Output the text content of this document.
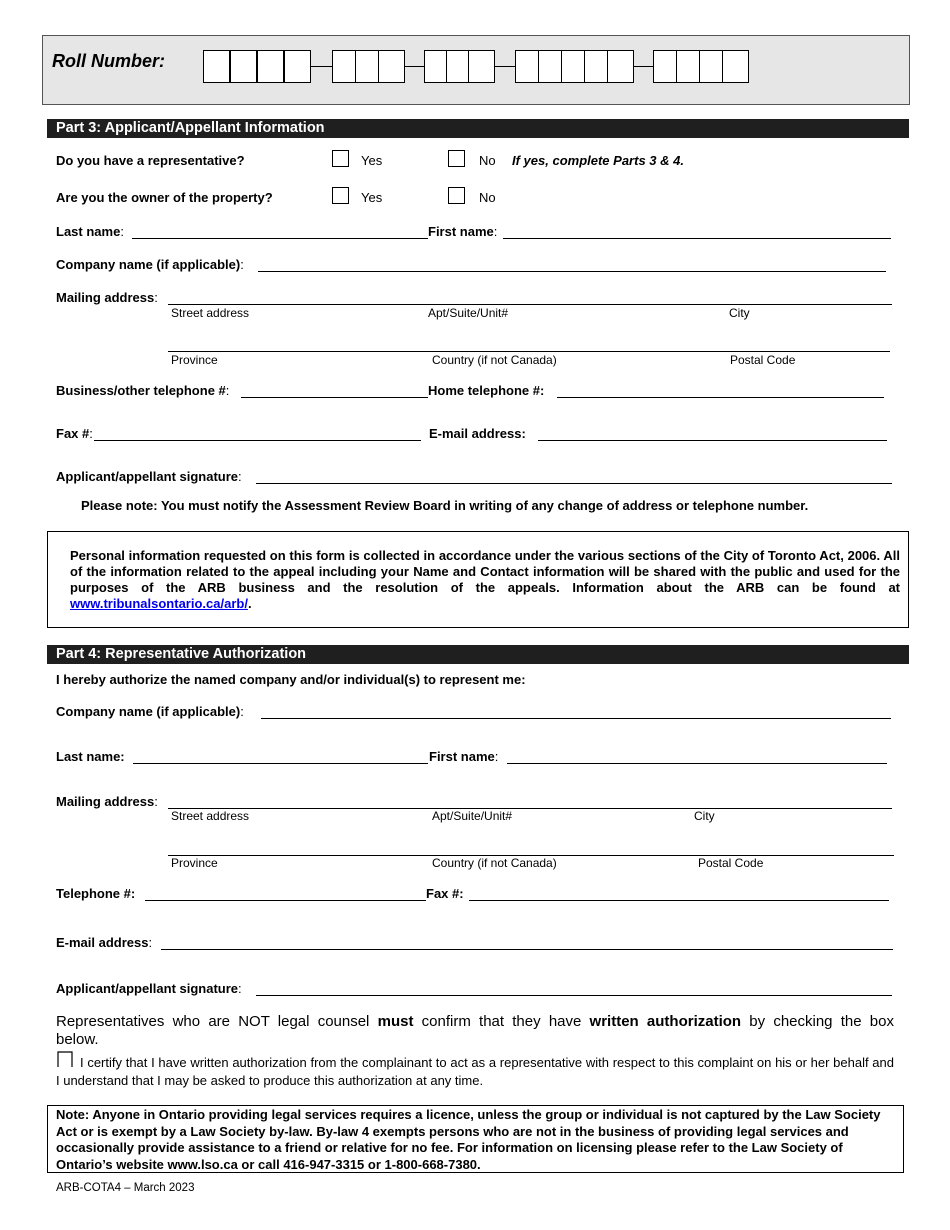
Roll Number:
Part 3: Applicant/Appellant Information
Do you have a representative?	Yes	No If yes, complete Parts 3 & 4.
Are you the owner of the property?	Yes	No
Last name:	First name:
Company name (if applicable):
Mailing address:
Street address	Apt/Suite/Unit#	City
Province	Country (if not Canada)	Postal Code
Business/other telephone #:	Home telephone #:
Fax #:	E-mail address:
Applicant/appellant signature:
Please note: You must notify the Assessment Review Board in writing of any change of address or telephone number.

Personal information requested on this form is collected in accordance under the various sections of the City of Toronto Act, 2006. All of the information related to the appeal including your Name and Contact information will be shared with the public and used for the purposes of the ARB business and the resolution of the appeals. Information about the ARB can be found at www.tribunalsontario.ca/arb/.

Part 4: Representative Authorization
I hereby authorize the named company and/or individual(s) to represent me:
Company name (if applicable):
Last name:	First name:
Mailing address:
Street address	Apt/Suite/Unit#	City
Province	Country (if not Canada)	Postal Code
Telephone #:	Fax #:
E-mail address:
Applicant/appellant signature:
Representatives who are NOT legal counsel must confirm that they have written authorization by checking the box
below.
I certify that I have written authorization from the complainant to act as a representative with respect to this complaint on his or her behalf and I understand that I may be asked to produce this authorization at any time.

Note: Anyone in Ontario providing legal services requires a licence, unless the group or individual is not captured by the Law Society Act or is exempt by a Law Society by-law. By-law 4 exempts persons who are not in the business of providing legal services and occasionally provide assistance to a friend or relative for no fee. For information on licensing please refer to the Law Society of Ontario’s website www.lso.ca or call 416-947-3315 or 1-800-668-7380.

ARB-COTA4 – March 2023
